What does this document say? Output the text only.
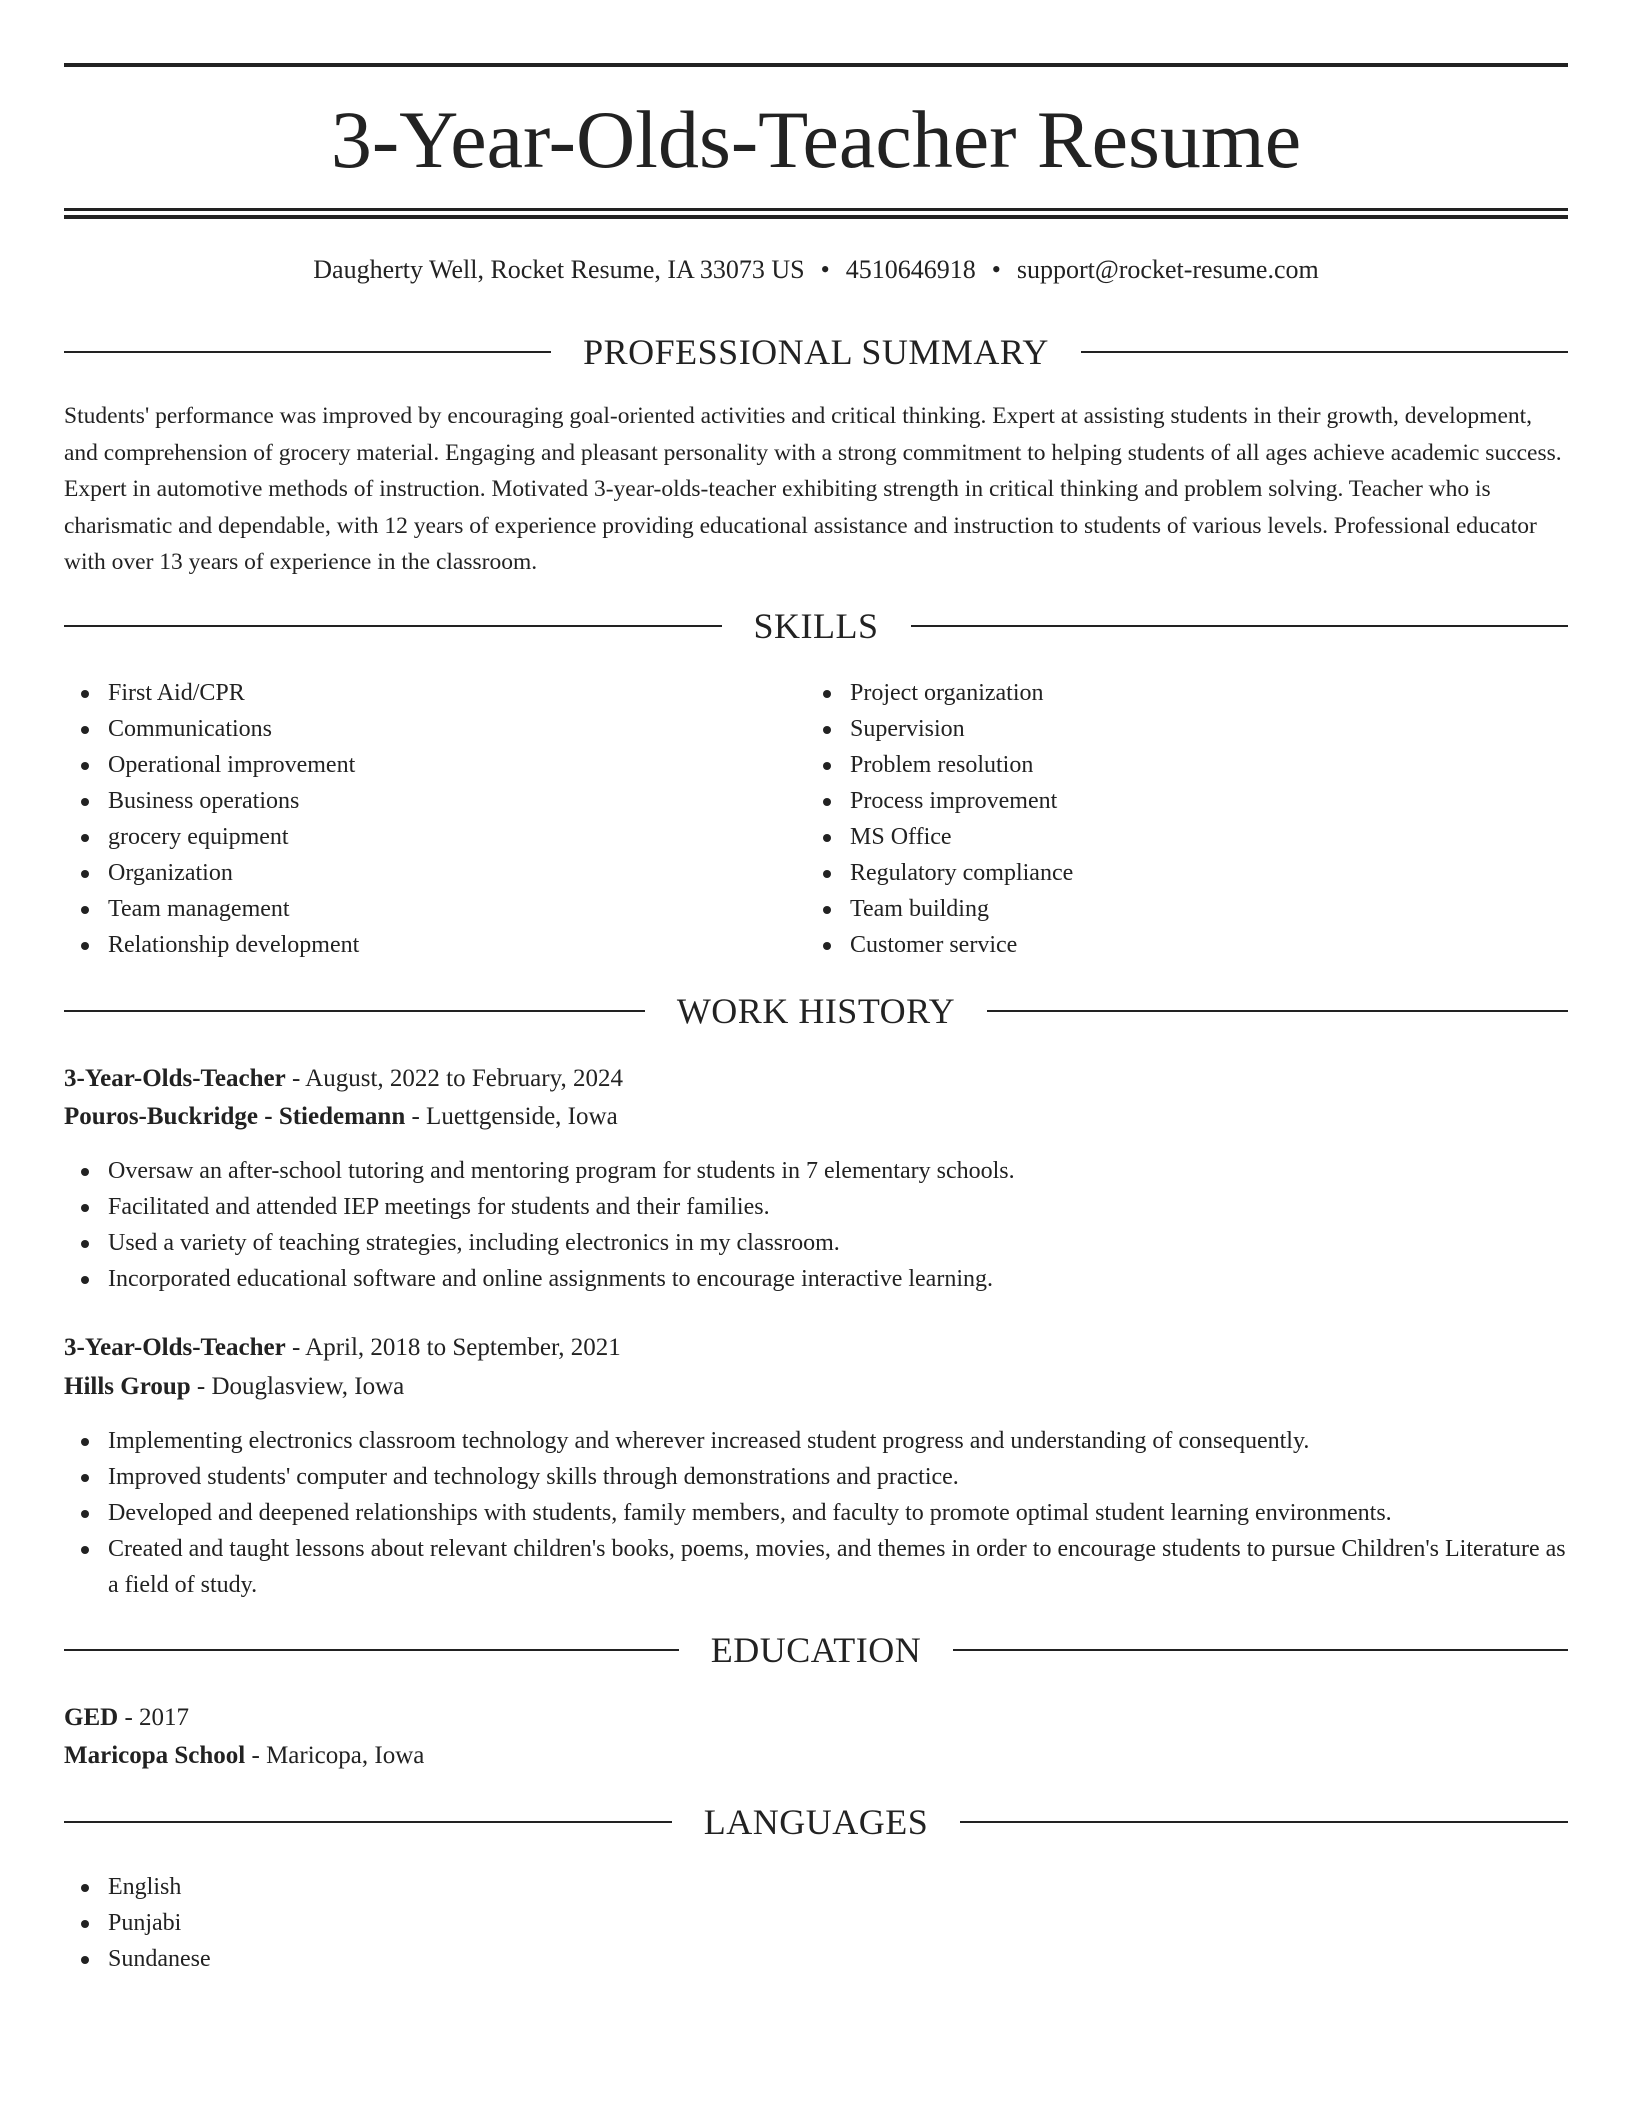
3-Year-Olds-Teacher Resume
Daugherty Well, Rocket Resume, IA 33073 US • 4510646918 • support@rocket-resume.com
PROFESSIONAL SUMMARY

Students' performance was improved by encouraging goal-oriented activities and critical thinking. Expert at assisting students in their growth, development, and comprehension of grocery material. Engaging and pleasant personality with a strong commitment to helping students of all ages achieve academic success. Expert in automotive methods of instruction. Motivated 3-year-olds-teacher exhibiting strength in critical thinking and problem solving. Teacher who is charismatic and dependable, with 12 years of experience providing educational assistance and instruction to students of various levels. Professional educator with over 13 years of experience in the classroom.

SKILLS
First Aid/CPR
Communications
Operational improvement
Business operations
grocery equipment
Organization
Team management
Relationship development
Project organization
Supervision
Problem resolution
Process improvement
MS Office
Regulatory compliance
Team building
Customer service
WORK HISTORY
3-Year-Olds-Teacher - August, 2022 to February, 2024
Pouros-Buckridge - Stiedemann - Luettgenside, Iowa
Oversaw an after-school tutoring and mentoring program for students in 7 elementary schools.
Facilitated and attended IEP meetings for students and their families.
Used a variety of teaching strategies, including electronics in my classroom.
Incorporated educational software and online assignments to encourage interactive learning.
3-Year-Olds-Teacher - April, 2018 to September, 2021
Hills Group - Douglasview, Iowa
Implementing electronics classroom technology and wherever increased student progress and understanding of consequently.
Improved students' computer and technology skills through demonstrations and practice.
Developed and deepened relationships with students, family members, and faculty to promote optimal student learning environments.
Created and taught lessons about relevant children's books, poems, movies, and themes in order to encourage students to pursue Children's Literature as a field of study.
EDUCATION
GED - 2017
Maricopa School - Maricopa, Iowa
LANGUAGES
English
Punjabi
Sundanese
